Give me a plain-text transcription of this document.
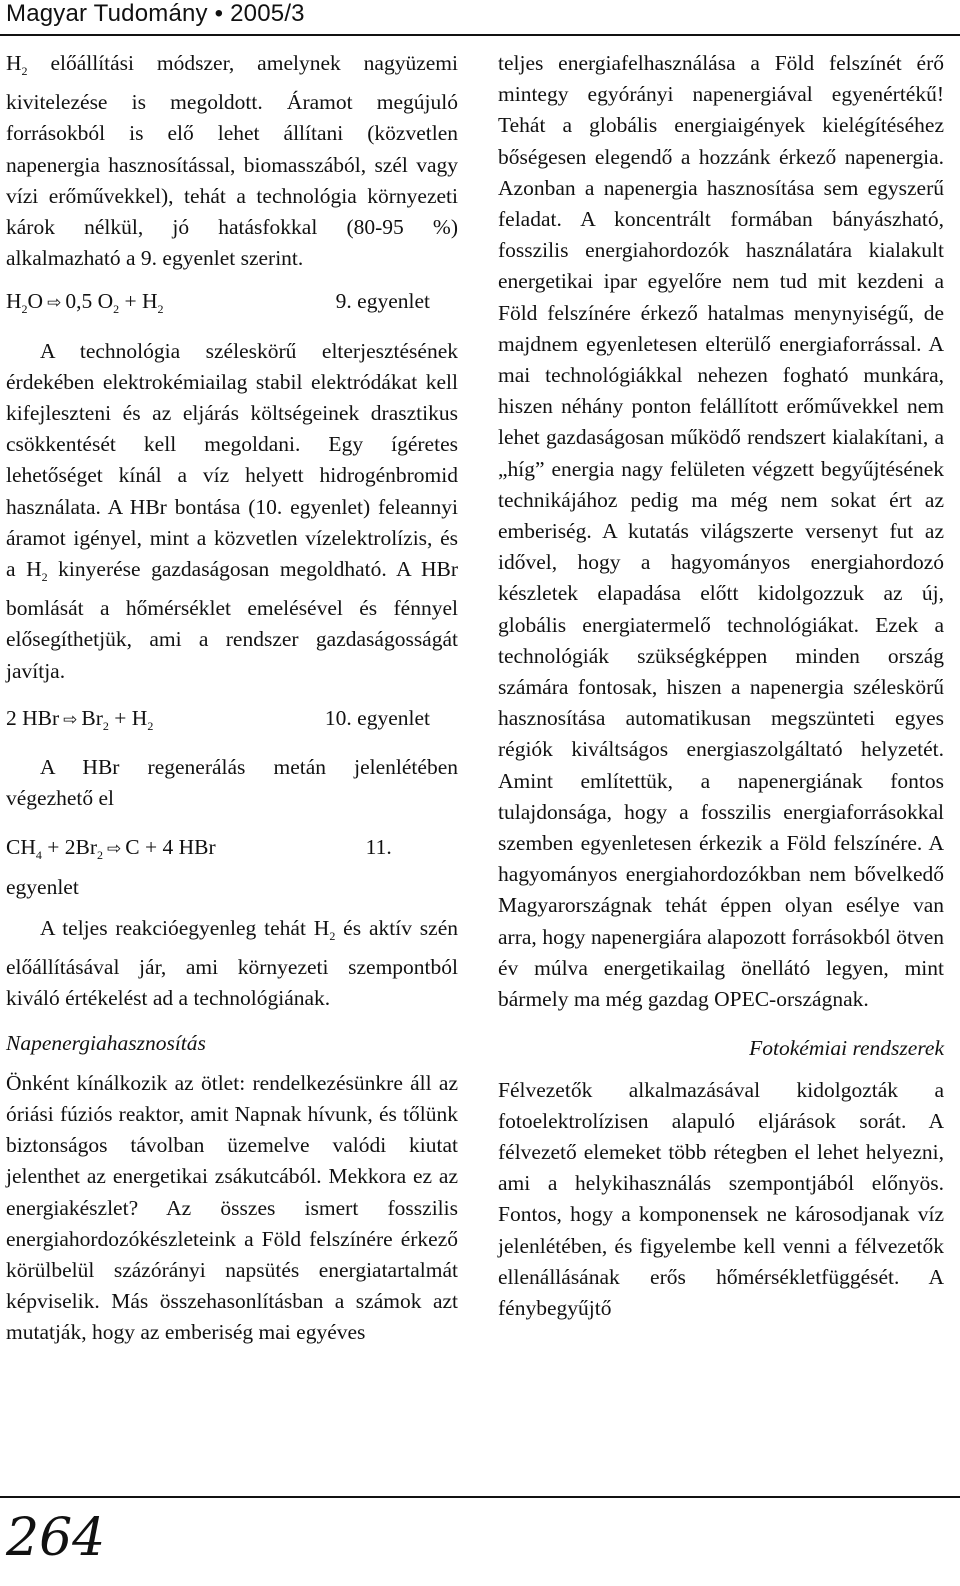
Magyar Tudomány • 2005/3

$H_2$ előállítási módszer, amelynek nagyüzemi kivitelezése is megoldott. Áramot megújuló forrásokból is elő lehet állítani (közvetlen napenergia hasznosítással, biomasszából, szél vagy vízi erőművekkel), tehát a technológia környezeti károk nélkül, jó hatásfokkal (80-95 %) alkalmazható a 9. egyenlet szerint.

$H_2O$ ⇨ 0,5 $O_2 + H_2$	9. egyenlet

A technológia széleskörű elterjesztésének érdekében elektrokémiailag stabil elektródákat kell kifejleszteni és az eljárás költségeinek drasztikus csökkentését kell megoldani. Egy ígéretes lehetőséget kínál a víz helyett hidrogénbromid használata. A HBr bontása (10. egyenlet) feleannyi áramot igényel, mint a közvetlen vízelektrolízis, és a $H_2$ kinyerése gazdaságosan megoldható. A HBr bomlását a hőmérséklet emelésével és fénnyel elősegíthetjük, ami a rendszer gazdaságosságát javítja.

2 HBr ⇨ $Br_2 + H_2$	10. egyenlet

A HBr regenerálás metán jelenlétében végezhető el

$CH_4 + 2Br_2$ ⇨ C + 4 HBr	11. egyenlet

A teljes reakcióegyenleg tehát $H_2$ és aktív szén előállításával jár, ami környezeti szempontból kiváló értékelést ad a technológiának.

Napenergiahasznosítás

Önként kínálkozik az ötlet: rendelkezésünkre áll az óriási fúziós reaktor, amit Napnak hívunk, és tőlünk biztonságos távolban üzemelve valódi kiutat jelenthet az energetikai zsákutcából. Mekkora ez az energiakészlet? Az összes ismert fosszilis energiahordozókészleteink a Föld felszínére érkező körülbelül százórányi napsütés energiatartalmát képviselik. Más összehasonlításban a számok azt mutatják, hogy az emberiség mai egyéves

teljes energiafelhasználása a Föld felszínét érő mintegy egyórányi napenergiával egyenértékű! Tehát a globális energiaigények kielégítéséhez bőségesen elegendő a hozzánk érkező napenergia. Azonban a napenergia hasznosítása sem egyszerű feladat. A koncentrált formában bányászható, fosszilis energiahordozók használatára kialakult energetikai ipar egyelőre nem tud mit kezdeni a Föld felszínére érkező hatalmas menynyiségű, de majdnem egyenletesen elterülő energiaforrással. A mai technológiákkal nehezen fogható munkára, hiszen néhány ponton felállított erőművekkel nem lehet gazdaságosan működő rendszert kialakítani, a „híg” energia nagy felületen végzett begyűjtésének technikájához pedig ma még nem sokat ért az emberiség. A kutatás világszerte versenyt fut az idővel, hogy a hagyományos energiahordozó készletek elapadása előtt kidolgozzuk az új, globális energiatermelő technológiákat. Ezek a technológiák szükségképpen minden ország számára fontosak, hiszen a napenergia széleskörű hasznosítása automatikusan megszünteti egyes régiók kiváltságos energiaszolgáltató helyzetét. Amint említettük, a napenergiának fontos tulajdonsága, hogy a fosszilis energiaforrásokkal szemben egyenletesen érkezik a Föld felszínére. A hagyományos energiahordozókban nem bővelkedő Magyarországnak tehát éppen olyan esélye van arra, hogy napenergiára alapozott forrásokból ötven év múlva energetikailag önellátó legyen, mint bármely ma még gazdag OPEC-országnak.

Fotokémiai rendszerek

Félvezetők alkalmazásával kidolgozták a fotoelektrolízisen alapuló eljárások sorát. A félvezető elemeket több rétegben el lehet helyezni, ami a helykihasználás szempontjából előnyös. Fontos, hogy a komponensek ne károsodjanak víz jelenlétében, és figyelembe kell venni a félvezetők ellenállásának erős hőmérsékletfüggését. A fénybegyűjtő

264
